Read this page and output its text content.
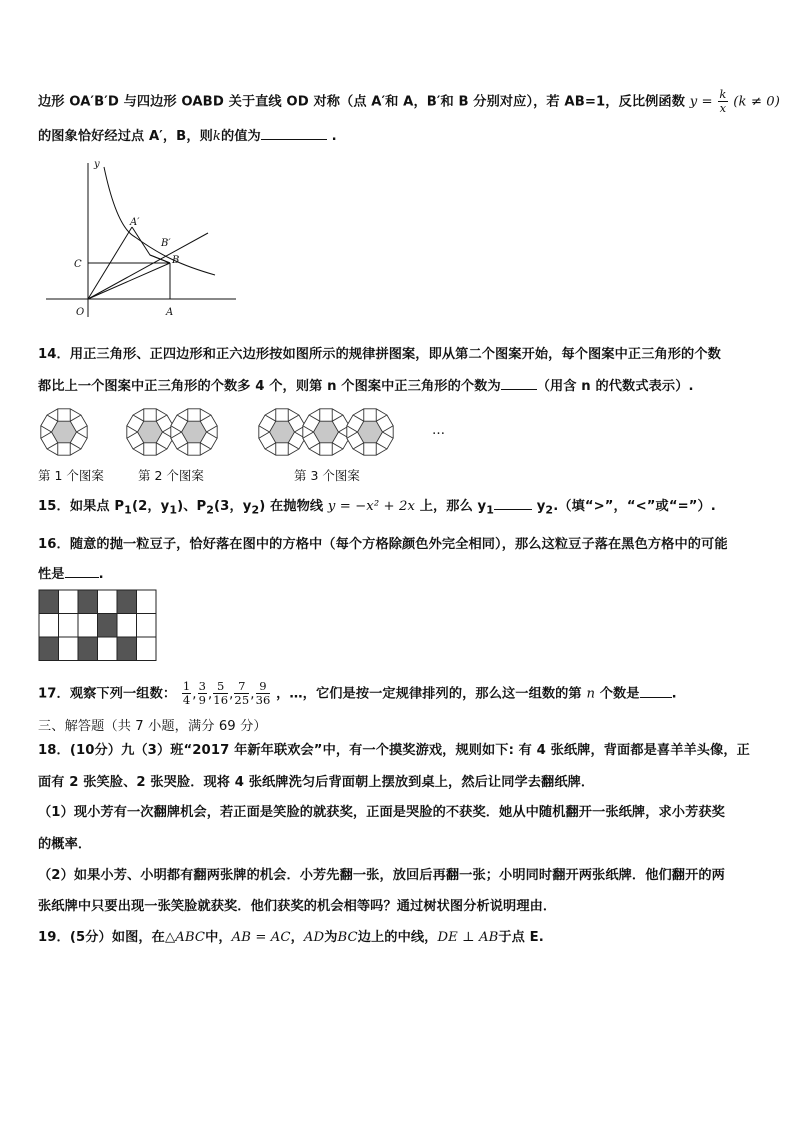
边形 OA′B′D 与四边形 OABD 关于直线 OD 对称（点 A′和 A，B′和 B 分别对应），若 AB=1，反比例函数 $y = \frac{k}{x} (k \ne 0)$
的图象恰好经过点 A′，B，则k的值为	.
y
A′
B′
B
C
O	A
14．用正三角形、正四边形和正六边形按如图所示的规律拼图案，即从第二个图案开始，每个图案中正三角形的个数
都比上一个图案中正三角形的个数多 4 个，则第 n 个图案中正三角形的个数为	（用含 n 的代数式表示）.
…
第 1 个图案	第 2 个图案	第 3 个图案
15．如果点 $P_1(2$，$y_1$)、$P_2(3$，$y_2$) 在抛物线 y = −x² + 2x 上，那么 $y_1$	$y_2$.（填“>”，“<”或“=”）.
16．随意的抛一粒豆子，恰好落在图中的方格中（每个方格除颜色外完全相同），那么这粒豆子落在黑色方格中的可能
性是	.
17．观察下列一组数： $\frac{1}{4}$ , $\frac{3}{9}$ , $\frac{5}{16}$ , $\frac{7}{25}$ , $\frac{9}{36}$ ，…，它们是按一定规律排列的，那么这一组数的第 n 个数是 .
三、解答题（共 7 小题，满分 69 分）
18．(10分）九（3）班“2017 年新年联欢会”中，有一个摸奖游戏，规则如下: 有 4 张纸牌，背面都是喜羊羊头像，正
面有 2 张笑脸、2 张哭脸．现将 4 张纸牌洗匀后背面朝上摆放到桌上，然后让同学去翻纸牌．
（1）现小芳有一次翻牌机会，若正面是笑脸的就获奖，正面是哭脸的不获奖．她从中随机翻开一张纸牌，求小芳获奖
的概率．
（2）如果小芳、小明都有翻两张牌的机会．小芳先翻一张，放回后再翻一张；小明同时翻开两张纸牌．他们翻开的两
张纸牌中只要出现一张笑脸就获奖．他们获奖的机会相等吗？通过树状图分析说明理由．
19．(5分）如图，在△ABC中，AB = AC，AD为BC边上的中线，DE ⊥ AB于点 E.
